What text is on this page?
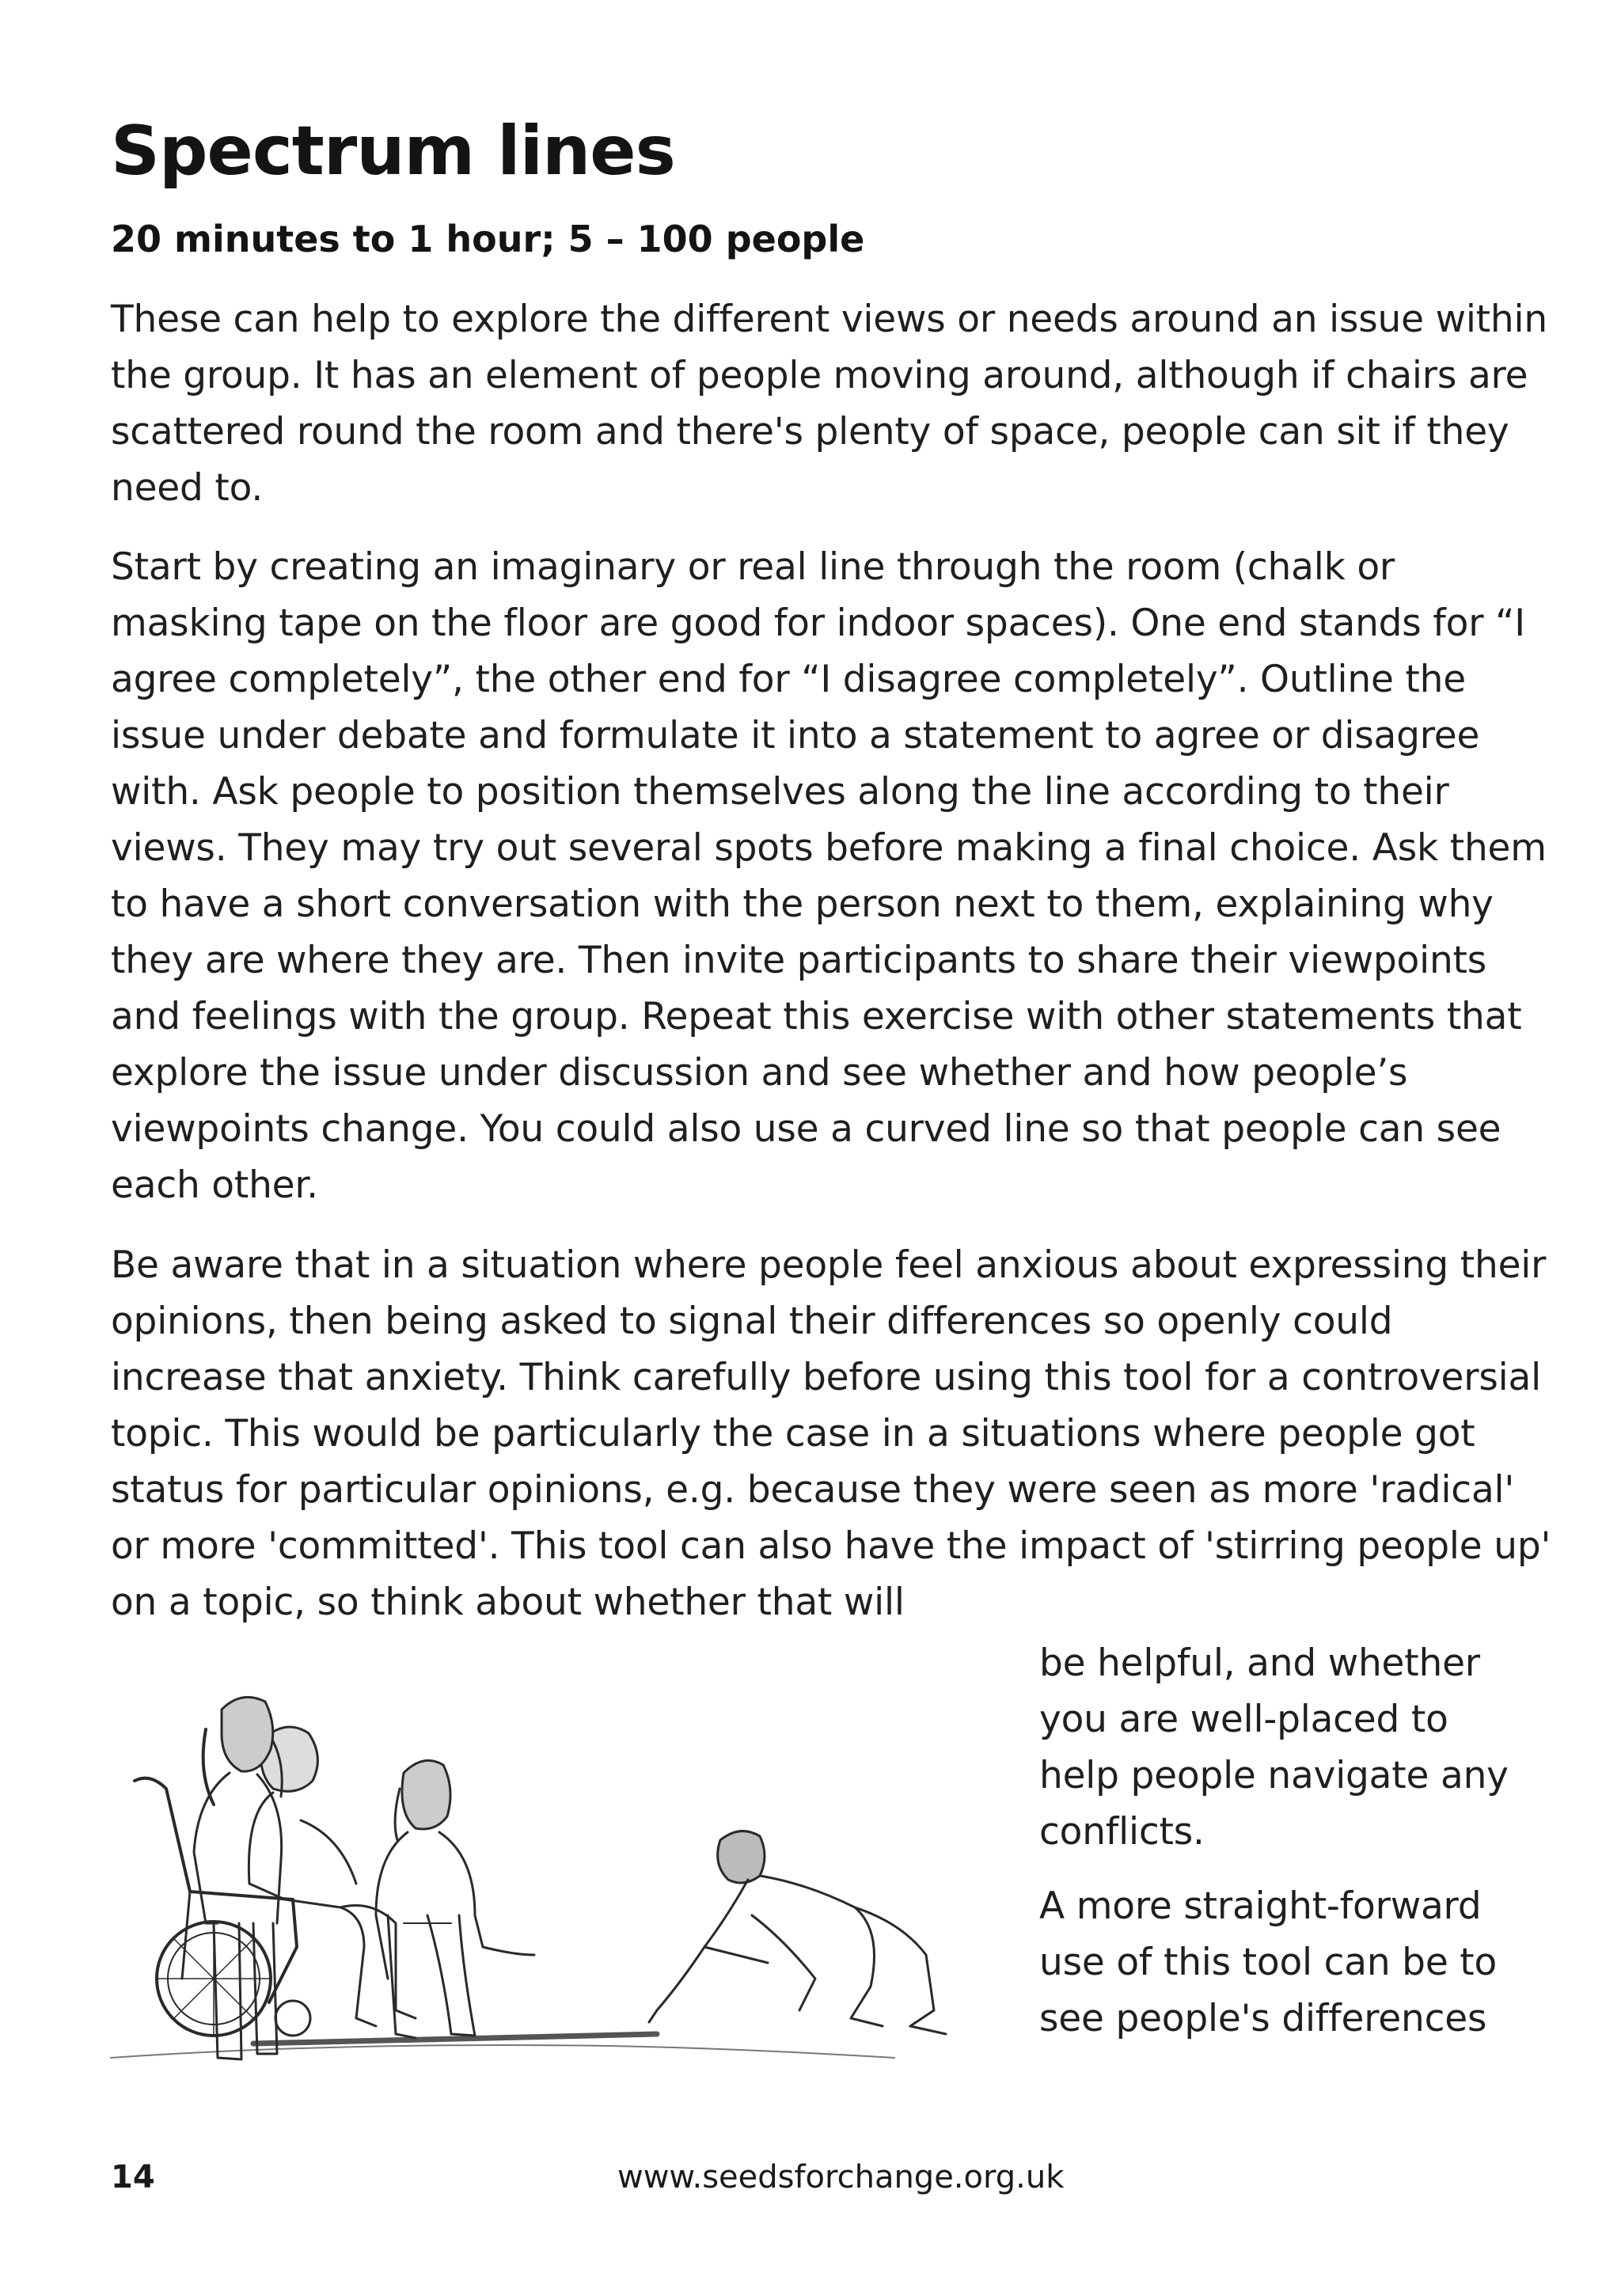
Spectrum lines

20 minutes to 1 hour; 5 – 100 people

These can help to explore the different views or needs around an issue within the group. It has an element of people moving around, although if chairs are scattered round the room and there's plenty of space, people can sit if they need to.

Start by creating an imaginary or real line through the room (chalk or masking tape on the floor are good for indoor spaces). One end stands for “I agree completely”, the other end for “I disagree completely”. Outline the issue under debate and formulate it into a statement to agree or disagree with. Ask people to position themselves along the line according to their views. They may try out several spots before making a final choice. Ask them to have a short conversation with the person next to them, explaining why they are where they are. Then invite participants to share their viewpoints and feelings with the group. Repeat this exercise with other statements that explore the issue under discussion and see whether and how people’s viewpoints change. You could also use a curved line so that people can see each other.

Be aware that in a situation where people feel anxious about expressing their opinions, then being asked to signal their differences so openly could increase that anxiety. Think carefully before using this tool for a controversial topic. This would be particularly the case in a situations where people got status for particular opinions, e.g. because they were seen as more 'radical' or more 'committed'. This tool can also have the impact of 'stirring people up' on a topic, so think about whether that will

be helpful, and whether
you are well-placed to
help people navigate any
conflicts.
A more straight-forward
use of this tool can be to
see people's differences
14	www.seedsforchange.org.uk
